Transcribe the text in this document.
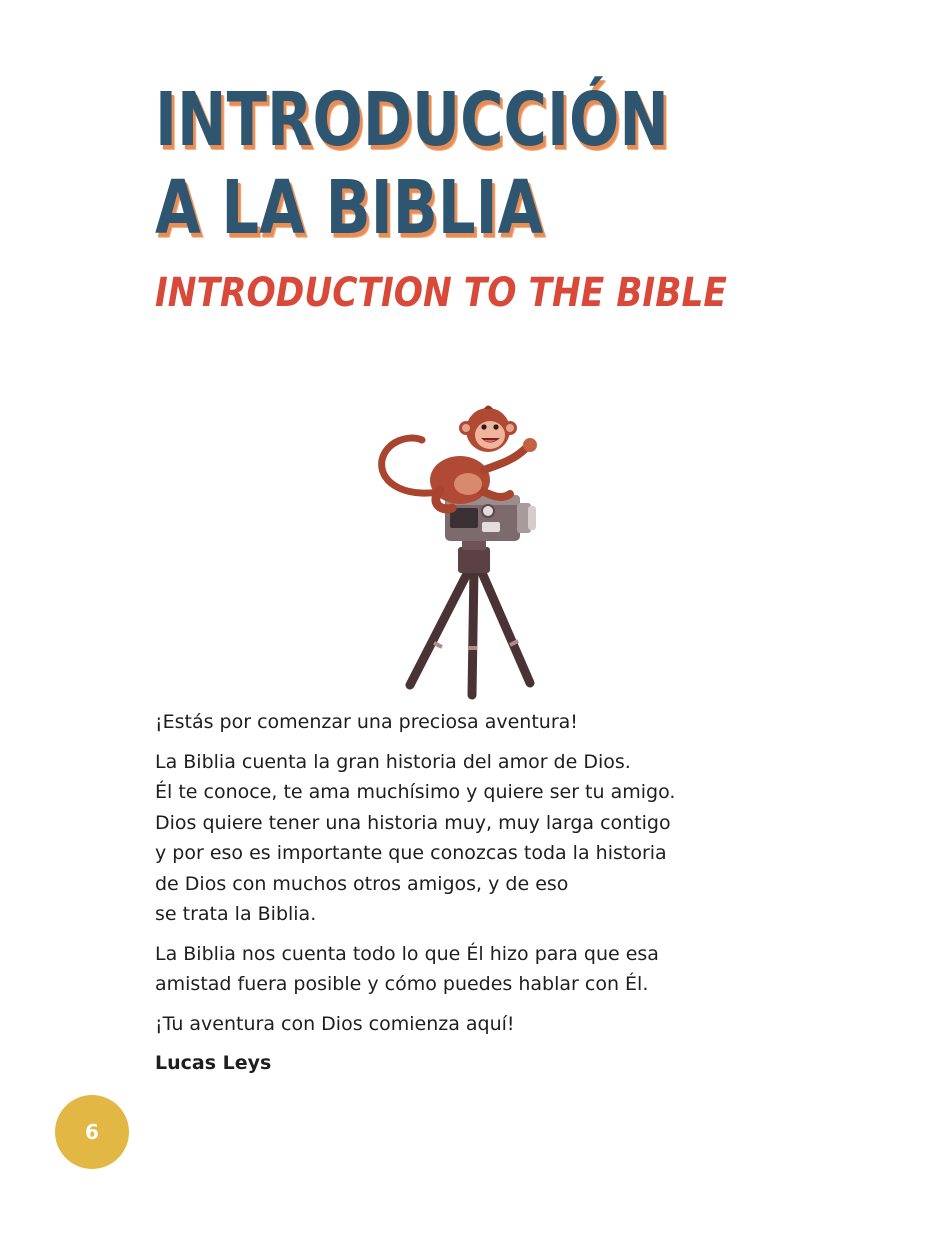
INTRODUCCIÓN
A LA BIBLIA
INTRODUCTION TO THE BIBLE

¡Estás por comenzar una preciosa aventura!

La Biblia cuenta la gran historia del amor de Dios.
Él te conoce, te ama muchísimo y quiere ser tu amigo.
Dios quiere tener una historia muy, muy larga contigo
y por eso es importante que conozcas toda la historia
de Dios con muchos otros amigos, y de eso
se trata la Biblia.

La Biblia nos cuenta todo lo que Él hizo para que esa
amistad fuera posible y cómo puedes hablar con Él.

¡Tu aventura con Dios comienza aquí!

Lucas Leys

6
